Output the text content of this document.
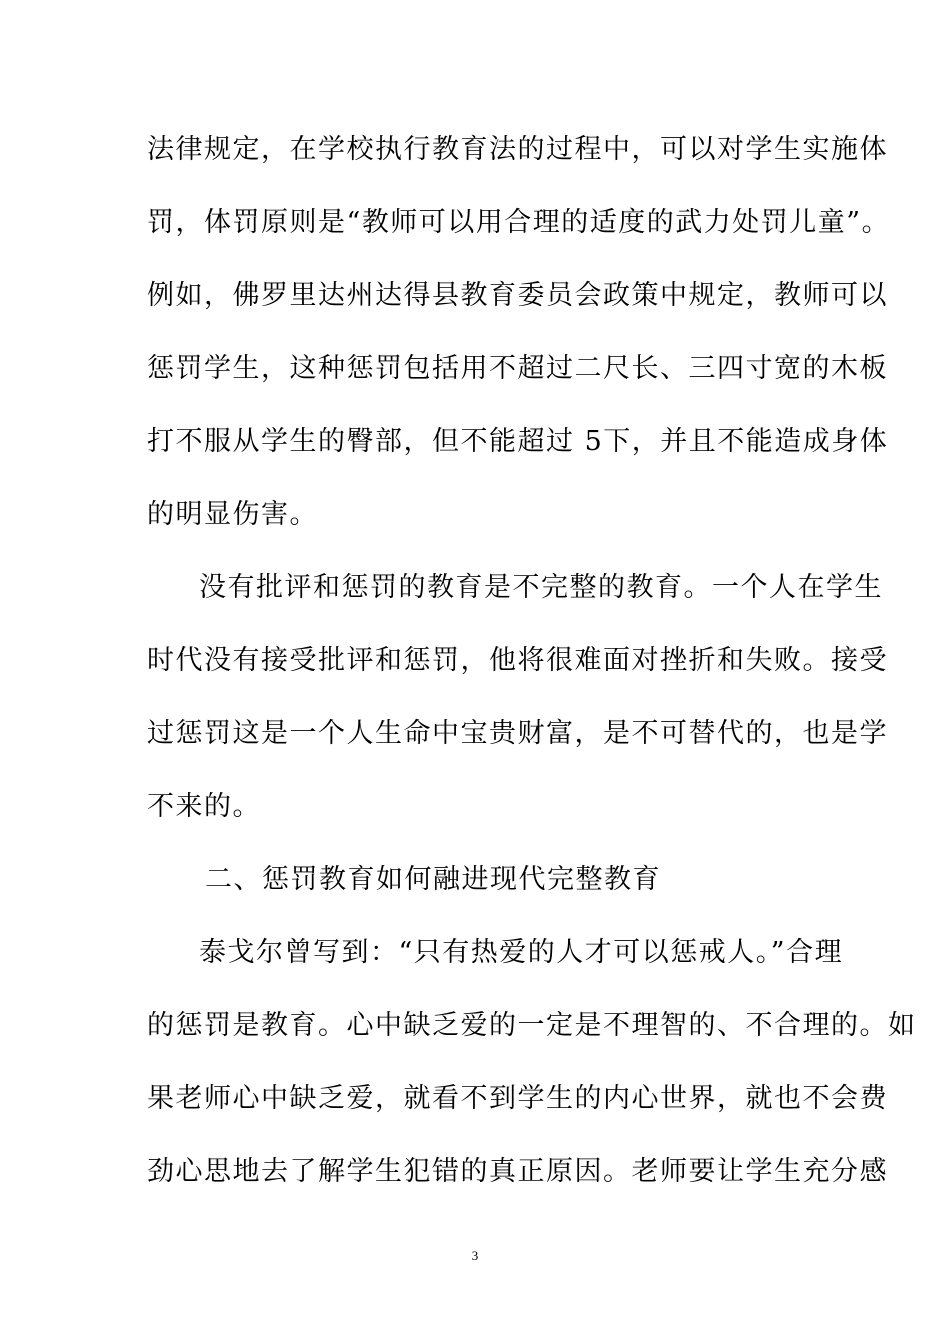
法律规定，在学校执行教育法的过程中，可以对学生实施体
罚，体罚原则是“教师可以用合理的适度的武力处罚儿童”。
例如，佛罗里达州达得县教育委员会政策中规定，教师可以
惩罚学生，这种惩罚包括用不超过二尺长、三四寸宽的木板
打不服从学生的臀部，但不能超过 5下，并且不能造成身体
的明显伤害。
没有批评和惩罚的教育是不完整的教育。一个人在学生
时代没有接受批评和惩罚，他将很难面对挫折和失败。接受
过惩罚这是一个人生命中宝贵财富，是不可替代的，也是学
不来的。
二、惩罚教育如何融进现代完整教育
泰戈尔曾写到：“只有热爱的人才可以惩戒人。”合理
的惩罚是教育。心中缺乏爱的一定是不理智的、不合理的。如
果老师心中缺乏爱，就看不到学生的内心世界，就也不会费
劲心思地去了解学生犯错的真正原因。老师要让学生充分感
3
